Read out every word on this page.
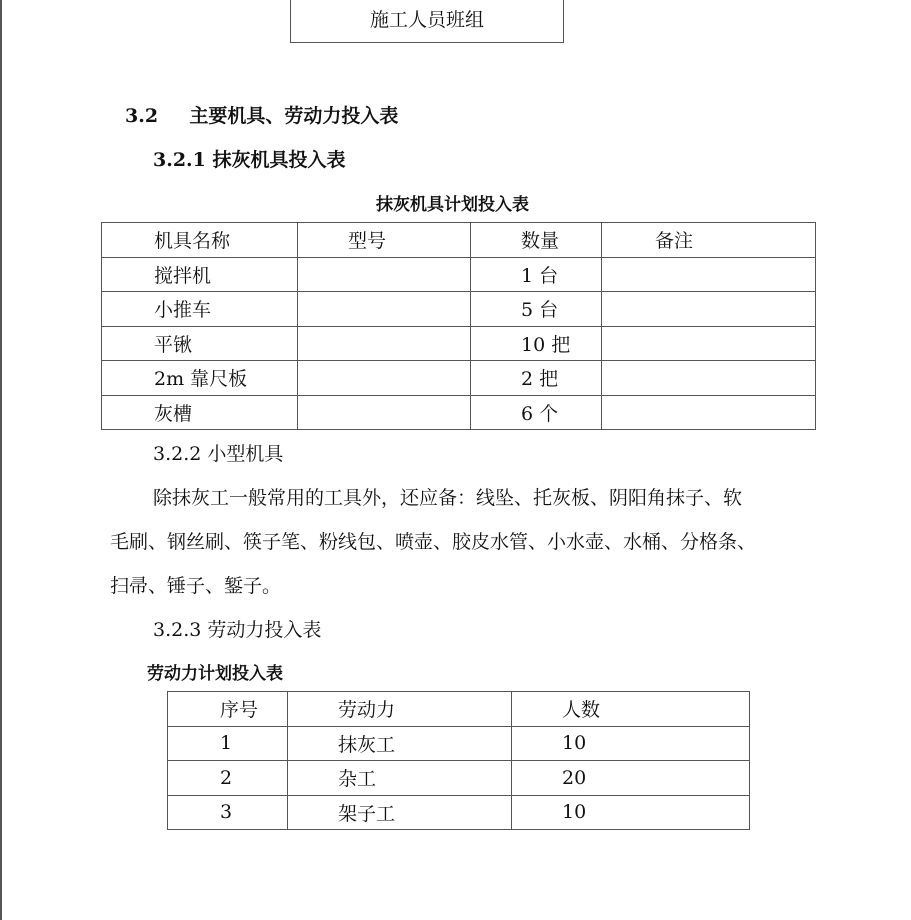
施工人员班组
3.2 主要机具、劳动力投入表
3.2.1 抹灰机具投入表
抹灰机具计划投入表
机具名称	型号	数量	备注
搅拌机		1 台	
小推车		5 台	
平锹		10 把	
2m 靠尺板		2 把	
灰槽		6 个	
3.2.2 小型机具
除抹灰工一般常用的工具外，还应备：线坠、托灰板、阴阳角抹子、软
毛刷、钢丝刷、筷子笔、粉线包、喷壶、胶皮水管、小水壶、水桶、分格条、
扫帚、锤子、錾子。
3.2.3 劳动力投入表
劳动力计划投入表
序号	劳动力	人数
1	抹灰工	10
2	杂工	20
3	架子工	10
